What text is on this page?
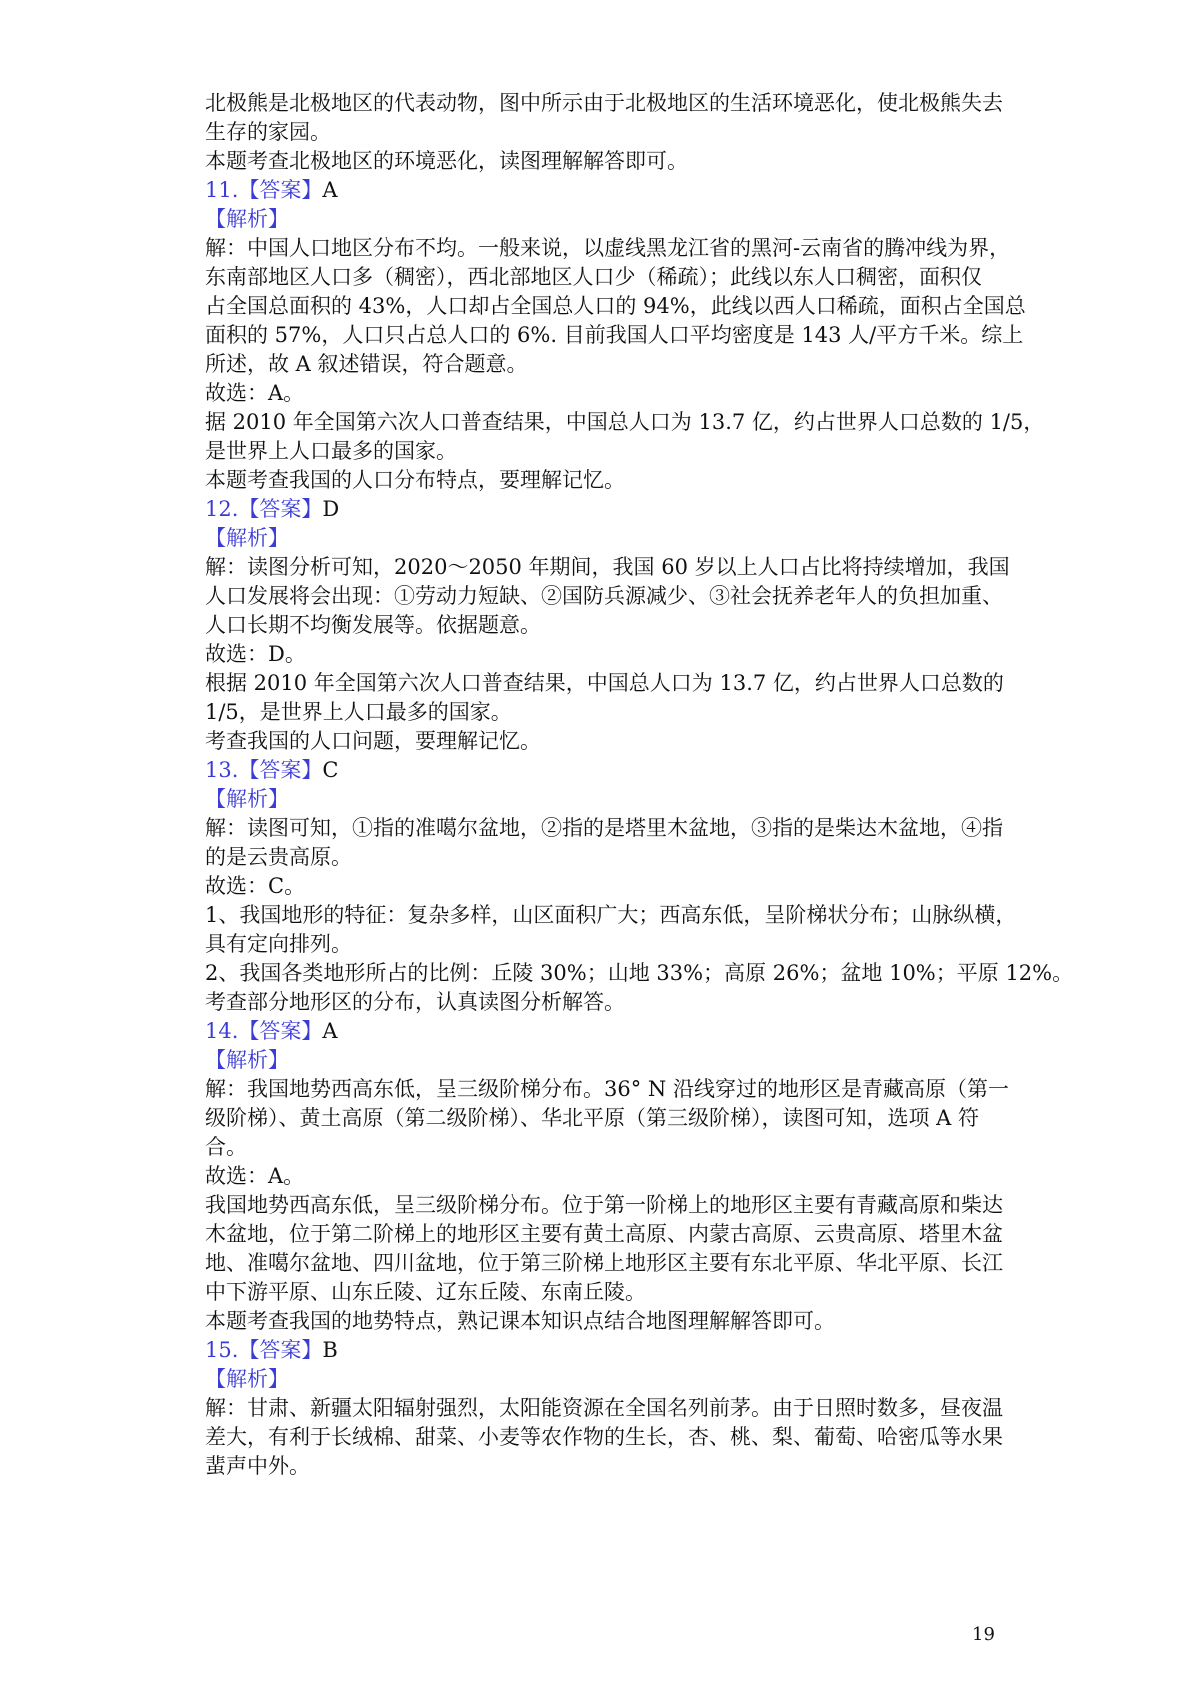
北极熊是北极地区的代表动物，图中所示由于北极地区的生活环境恶化，使北极熊失去
生存的家园。
本题考查北极地区的环境恶化，读图理解解答即可。
11.【答案】A
【解析】
解：中国人口地区分布不均。一般来说，以虚线黑龙江省的黑河-云南省的腾冲线为界，
东南部地区人口多（稠密），西北部地区人口少（稀疏）；此线以东人口稠密，面积仅
占全国总面积的 43%，人口却占全国总人口的 94%，此线以西人口稀疏，面积占全国总
面积的 57%，人口只占总人口的 6%. 目前我国人口平均密度是 143 人/平方千米。综上
所述，故 A 叙述错误，符合题意。
故选：A。
据 2010 年全国第六次人口普查结果，中国总人口为 13.7 亿，约占世界人口总数的 1/5，
是世界上人口最多的国家。
本题考查我国的人口分布特点，要理解记忆。
12.【答案】D
【解析】
解：读图分析可知，2020～2050 年期间，我国 60 岁以上人口占比将持续增加，我国
人口发展将会出现：①劳动力短缺、②国防兵源减少、③社会抚养老年人的负担加重、
人口长期不均衡发展等。依据题意。
故选：D。
根据 2010 年全国第六次人口普查结果，中国总人口为 13.7 亿，约占世界人口总数的
1/5，是世界上人口最多的国家。
考查我国的人口问题，要理解记忆。
13.【答案】C
【解析】
解：读图可知，①指的准噶尔盆地，②指的是塔里木盆地，③指的是柴达木盆地，④指
的是云贵高原。
故选：C。
1、我国地形的特征：复杂多样，山区面积广大；西高东低，呈阶梯状分布；山脉纵横，
具有定向排列。
2、我国各类地形所占的比例：丘陵 30%；山地 33%；高原 26%；盆地 10%；平原 12%。
考查部分地形区的分布，认真读图分析解答。
14.【答案】A
【解析】
解：我国地势西高东低，呈三级阶梯分布。36° N 沿线穿过的地形区是青藏高原（第一
级阶梯）、黄土高原（第二级阶梯）、华北平原（第三级阶梯），读图可知，选项 A 符
合。
故选：A。
我国地势西高东低，呈三级阶梯分布。位于第一阶梯上的地形区主要有青藏高原和柴达
木盆地，位于第二阶梯上的地形区主要有黄土高原、内蒙古高原、云贵高原、塔里木盆
地、准噶尔盆地、四川盆地，位于第三阶梯上地形区主要有东北平原、华北平原、长江
中下游平原、山东丘陵、辽东丘陵、东南丘陵。
本题考查我国的地势特点，熟记课本知识点结合地图理解解答即可。
15.【答案】B
【解析】
解：甘肃、新疆太阳辐射强烈，太阳能资源在全国名列前茅。由于日照时数多，昼夜温
差大，有利于长绒棉、甜菜、小麦等农作物的生长，杏、桃、梨、葡萄、哈密瓜等水果
蜚声中外。
19
